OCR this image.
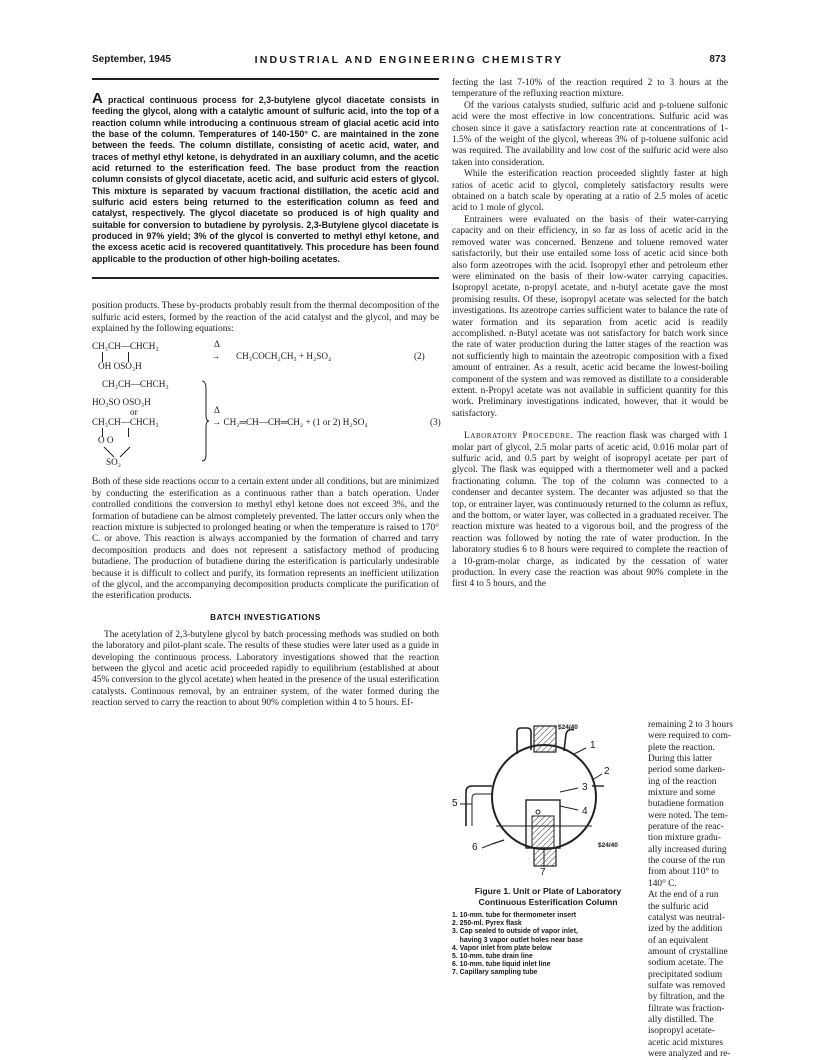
September, 1945	INDUSTRIAL AND ENGINEERING CHEMISTRY	873
A practical continuous process for 2,3-butylene glycol diacetate consists in feeding the glycol, along with a catalytic amount of sulfuric acid, into the top of a reaction column while introducing a continuous stream of glacial acetic acid into the base of the column. Temperatures of 140-150° C. are maintained in the zone between the feeds. The column distillate, consisting of acetic acid, water, and traces of methyl ethyl ketone, is dehydrated in an auxiliary column, and the acetic acid returned to the esterification feed. The base product from the reaction column consists of glycol diacetate, acetic acid, and sulfuric acid esters of glycol. This mixture is separated by vacuum fractional distillation, the acetic acid and sulfuric acid esters being returned to the esterification column as feed and catalyst, respectively. The glycol diacetate so produced is of high quality and suitable for conversion to butadiene by pyrolysis. 2,3-Butylene glycol diacetate is produced in 97% yield; 3% of the glycol is converted to methyl ethyl ketone, and the excess acetic acid is recovered quantitatively. This procedure has been found applicable to the production of other high-boiling acetates.

position products. These by-products probably result from the thermal decomposition of the sulfuric acid esters, formed by the reaction of the acid catalyst and the glycol, and may be explained by the following equations:

CH₃CH—CHCH₃
OH OSO₃H
Δ
→ CH₃COCH₂CH₃ + H₂SO₄	(2)
CH₃CH—CHCH₃
HO₃SO OSO₃H
or
CH₃CH—CHCH₃
O O
SO₂
Δ
→ CH₂═CH—CH═CH₂ + (1 or 2) H₂SO₄	(3)

Both of these side reactions occur to a certain extent under all conditions, but are minimized by conducting the esterification as a continuous rather than a batch operation. Under controlled conditions the conversion to methyl ethyl ketone does not exceed 3%, and the formation of butadiene can be almost completely prevented. The latter occurs only when the reaction mixture is subjected to prolonged heating or when the temperature is raised to 170° C. or above. This reaction is always accompanied by the formation of charred and tarry decomposition products and does not represent a satisfactory method of producing butadiene. The production of butadiene during the esterification is particularly undesirable because it is difficult to collect and purify, its formation represents an inefficient utilization of the glycol, and the accompanying decomposition products complicate the purification of the esterification products.

BATCH INVESTIGATIONS

The acetylation of 2,3-butylene glycol by batch processing methods was studied on both the laboratory and pilot-plant scale. The results of these studies were later used as a guide in developing the continuous process. Laboratory investigations showed that the reaction between the glycol and acetic acid proceeded rapidly to equilibrium (established at about 45% conversion to the glycol acetate) when heated in the presence of the usual esterification catalysts. Continuous removal, by an entrainer system, of the water formed during the reaction served to carry the reaction to about 90% completion within 4 to 5 hours. Ef-

fecting the last 7-10% of the reaction required 2 to 3 hours at the temperature of the refluxing reaction mixture.

Of the various catalysts studied, sulfuric acid and p-toluene sulfonic acid were the most effective in low concentrations. Sulfuric acid was chosen since it gave a satisfactory reaction rate at concentrations of 1-1.5% of the weight of the glycol, whereas 3% of p-toluene sulfonic acid was required. The availability and low cost of the sulfuric acid were also taken into consideration.

While the esterification reaction proceeded slightly faster at high ratios of acetic acid to glycol, completely satisfactory results were obtained on a batch scale by operating at a ratio of 2.5 moles of acetic acid to 1 mole of glycol.

Entrainers were evaluated on the basis of their water-carrying capacity and on their efficiency, in so far as loss of acetic acid in the removed water was concerned. Benzene and toluene removed water satisfactorily, but their use entailed some loss of acetic acid since both also form azeotropes with the acid. Isopropyl ether and petroleum ether were eliminated on the basis of their low-water carrying capacities. Isopropyl acetate, n-propyl acetate, and n-butyl acetate gave the most promising results. Of these, isopropyl acetate was selected for the batch investigations. Its azeotrope carries sufficient water to balance the rate of water formation and its separation from acetic acid is readily accomplished. n-Butyl acetate was not satisfactory for batch work since the rate of water production during the latter stages of the reaction was not sufficiently high to maintain the azeotropic composition with a fixed amount of entrainer. As a result, acetic acid became the lowest-boiling component of the system and was removed as distillate to a considerable extent. n-Propyl acetate was not available in sufficient quantity for this work. Preliminary investigations indicated, however, that it would be satisfactory.

Laboratory Procedure. The reaction flask was charged with 1 molar part of glycol, 2.5 molar parts of acetic acid, 0.016 molar part of sulfuric acid, and 0.5 part by weight of isopropyl acetate per part of glycol. The flask was equipped with a thermometer well and a packed fractionating column. The top of the column was connected to a condenser and decanter system. The decanter was adjusted so that the top, or entrainer layer, was continuously returned to the column as reflux, and the bottom, or water layer, was collected in a graduated receiver. The reaction mixture was heated to a vigorous boil, and the progress of the reaction was followed by noting the rate of water production. In the laboratory studies 6 to 8 hours were required to complete the reaction of a 10-gram-molar charge, as indicated by the cessation of water production. In every case the reaction was about 90% complete in the first 4 to 5 hours, and the

remaining 2 to 3 hours
were required to com-
plete the reaction.
During this latter
period some darken-
ing of the reaction
mixture and some
butadiene formation
were noted. The tem-
perature of the reac-
tion mixture gradu-
ally increased during
the course of the run
from about 110° to
140° C.
At the end of a run
the sulfuric acid
catalyst was neutral-
ized by the addition
of an equivalent
amount of crystalline
sodium acetate. The
precipitated sodium
sulfate was removed
by filtration, and the
filtrate was fraction-
ally distilled. The
isopropyl acetate-
acetic acid mixtures
were analyzed and re-
$24/40
$24/40
1
2
3
4
5
6
7
Figure 1. Unit or Plate of Laboratory Continuous Esterification Column
1. 10-mm. tube for thermometer insert
2. 250-ml. Pyrex flask
3. Cap sealed to outside of vapor inlet,
having 3 vapor outlet holes near base
4. Vapor inlet from plate below
5. 10-mm. tube drain line
6. 10-mm. tube liquid inlet line
7. Capillary sampling tube
